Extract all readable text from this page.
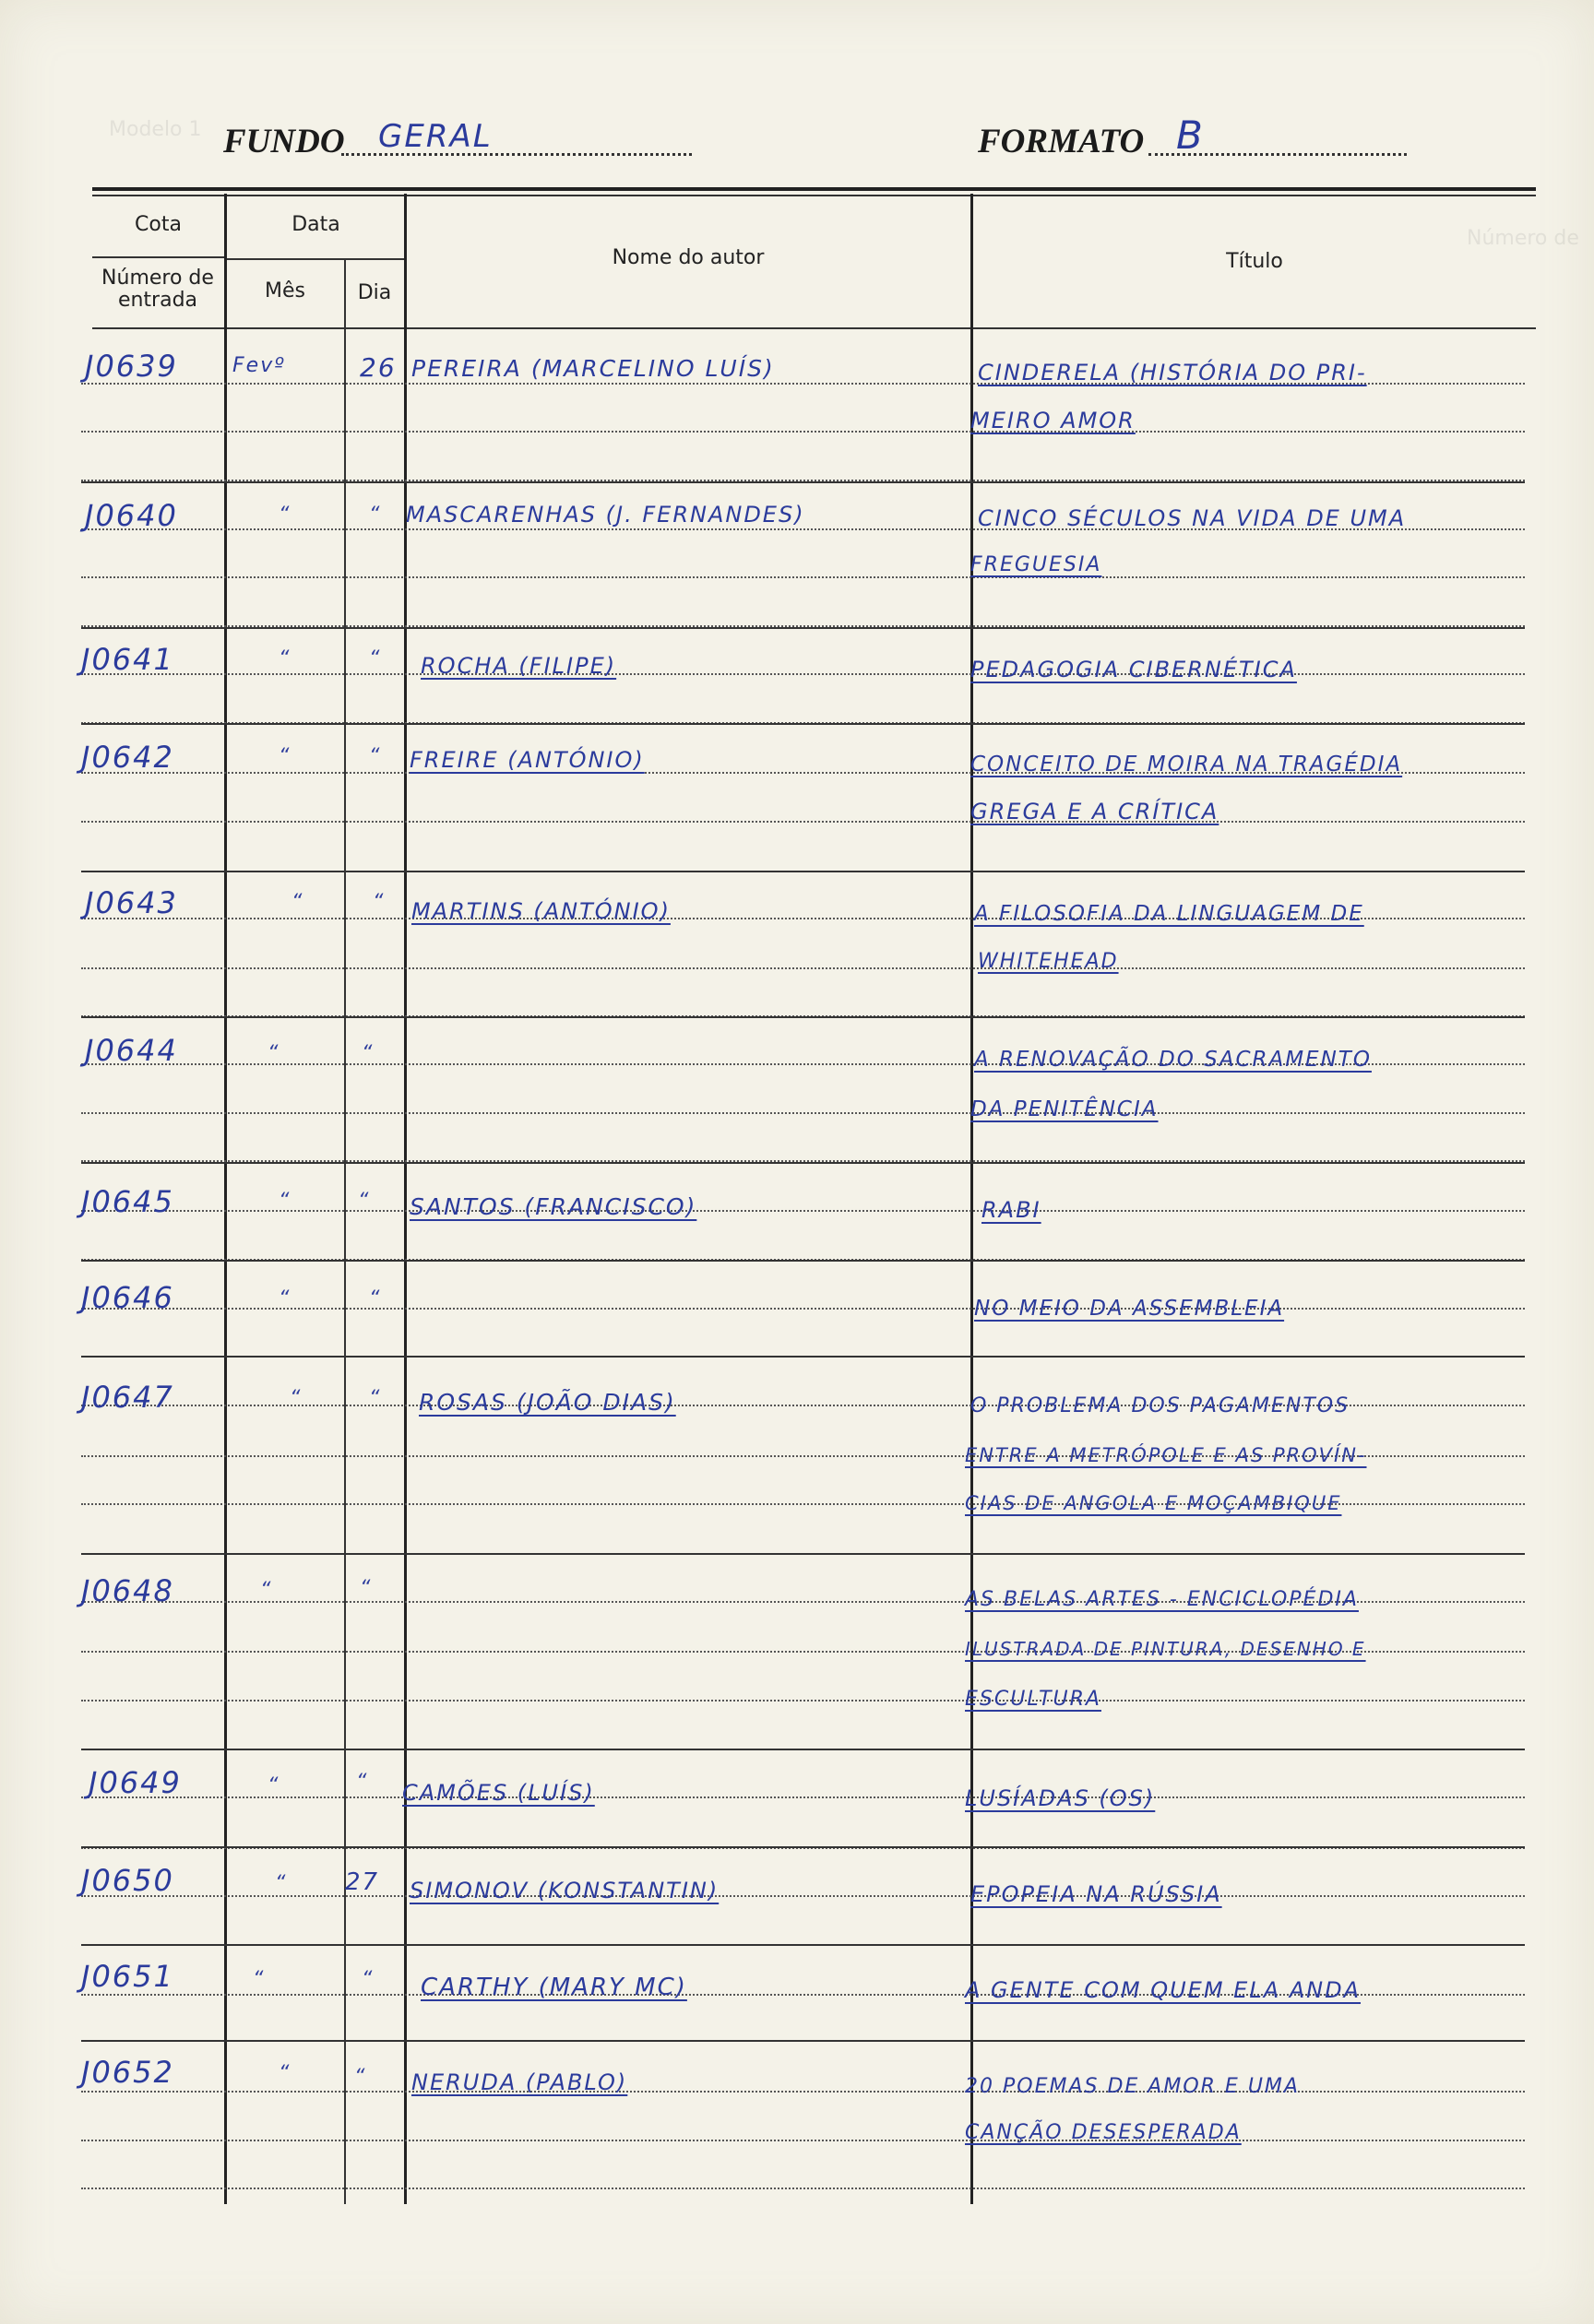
Modelo 1
Número de
FUNDO GERAL	FORMATO B
Cota
Número de
entrada
Data
Mês	Dia
Nome do autor	Título
J0639	Fevº	26 PEREIRA (MARCELINO LUÍS)	CINDERELA (HISTÓRIA DO PRI-
MEIRO AMOR
J0640	“	“ MASCARENHAS (J. FERNANDES)	CINCO SÉCULOS NA VIDA DE UMA
FREGUESIA
J0641	“	“ ROCHA (FILIPE)	PEDAGOGIA CIBERNÉTICA
J0642	“	“ FREIRE (ANTÓNIO)	CONCEITO DE MOIRA NA TRAGÉDIA
GREGA E A CRÍTICA
J0643	“	“ MARTINS (ANTÓNIO)	A FILOSOFIA DA LINGUAGEM DE
WHITEHEAD
J0644	“	“	A RENOVAÇÃO DO SACRAMENTO
DA PENITÊNCIA
J0645	“	“ SANTOS (FRANCISCO)	RABI
J0646	“	“	NO MEIO DA ASSEMBLEIA
J0647	“	“ ROSAS (JOÃO DIAS)	O PROBLEMA DOS PAGAMENTOS
ENTRE A METRÓPOLE E AS PROVÍN-
CIAS DE ANGOLA E MOÇAMBIQUE
J0648	“	“	AS BELAS ARTES - ENCICLOPÉDIA
ILUSTRADA DE PINTURA, DESENHO E
ESCULTURA
J0649	“	“ CAMÕES (LUÍS)	LUSÍADAS (OS)
J0650	“ 27 SIMONOV (KONSTANTIN)	EPOPEIA NA RÚSSIA
J0651	“	“ CARTHY (MARY MC)	A GENTE COM QUEM ELA ANDA
J0652	“	“ NERUDA (PABLO)	20 POEMAS DE AMOR E UMA
CANÇÃO DESESPERADA
